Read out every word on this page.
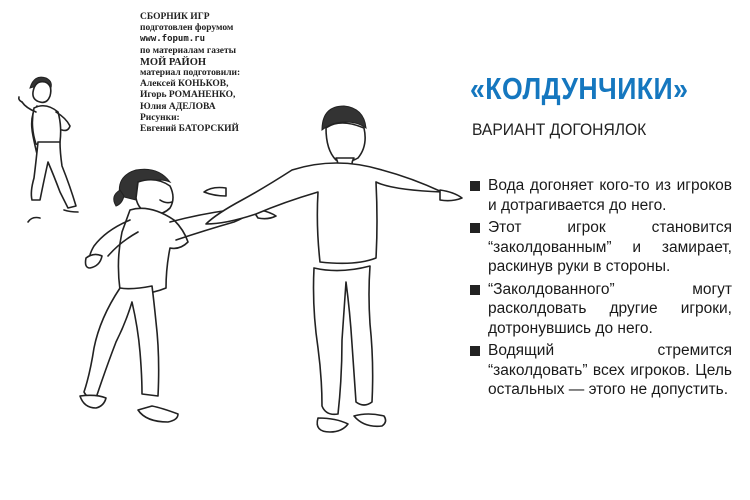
СБОРНИК ИГР
подготовлен форумом
www.fopum.ru
по материалам газеты
МОЙ РАЙОН
материал подготовили:
Алексей КОНЬКОВ,
Игорь РОМАНЕНКО,
Юлия АДЕЛОВА
Рисунки:
Евгений БАТОРСКИЙ
«КОЛДУНЧИКИ»
ВАРИАНТ ДОГОНЯЛОК
Вода догоняет кого-то из игроков и дотрагивается до него.
Этот игрок становится “заколдованным” и замирает, раскинув руки в стороны.
“Заколдованного” могут расколдовать другие игроки, дотронувшись до него.
Водящий стремится “заколдовать” всех игроков. Цель остальных — этого не допустить.
